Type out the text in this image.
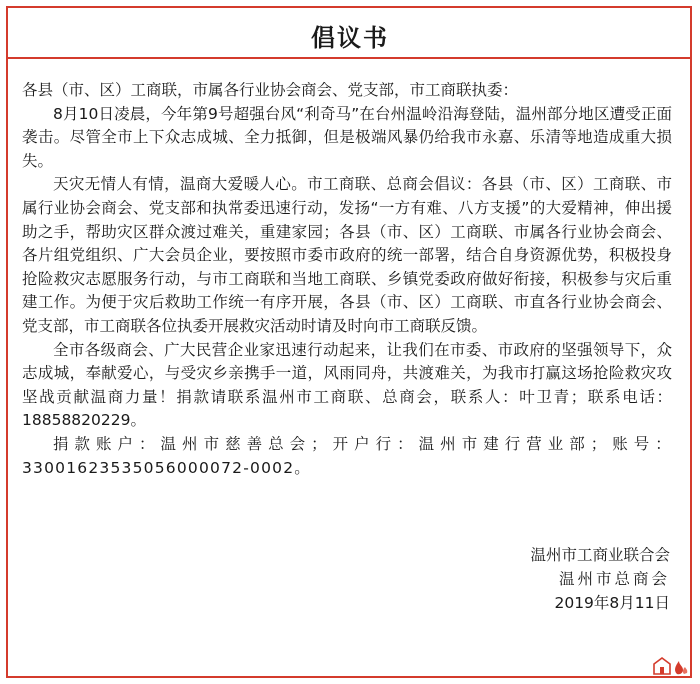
倡议书

各县（市、区）工商联，市属各行业协会商会、党支部，市工商联执委：

8月10日凌晨，今年第9号超强台风“利奇马”在台州温岭沿海登陆，温州部分地区遭受正面袭击。尽管全市上下众志成城、全力抵御，但是极端风暴仍给我市永嘉、乐清等地造成重大损失。

天灾无情人有情，温商大爱暖人心。市工商联、总商会倡议：各县（市、区）工商联、市属行业协会商会、党支部和执常委迅速行动，发扬“一方有难、八方支援”的大爱精神，伸出援助之手，帮助灾区群众渡过难关，重建家园；各县（市、区）工商联、市属各行业协会商会、各片组党组织、广大会员企业，要按照市委市政府的统一部署，结合自身资源优势，积极投身抢险救灾志愿服务行动，与市工商联和当地工商联、乡镇党委政府做好衔接，积极参与灾后重建工作。为便于灾后救助工作统一有序开展，各县（市、区）工商联、市直各行业协会商会、党支部，市工商联各位执委开展救灾活动时请及时向市工商联反馈。

全市各级商会、广大民营企业家迅速行动起来，让我们在市委、市政府的坚强领导下，众志成城，奉献爱心，与受灾乡亲携手一道，风雨同舟，共渡难关，为我市打赢这场抢险救灾攻坚战贡献温商力量！捐款请联系温州市工商联、总商会，联系人：叶卫青；联系电话：18858820229。

捐款账户：温州市慈善总会；开户行：温州市建行营业部；账号：33001623535056000072-0002。

温州市工商业联合会
温州市总商会
2019年8月11日
